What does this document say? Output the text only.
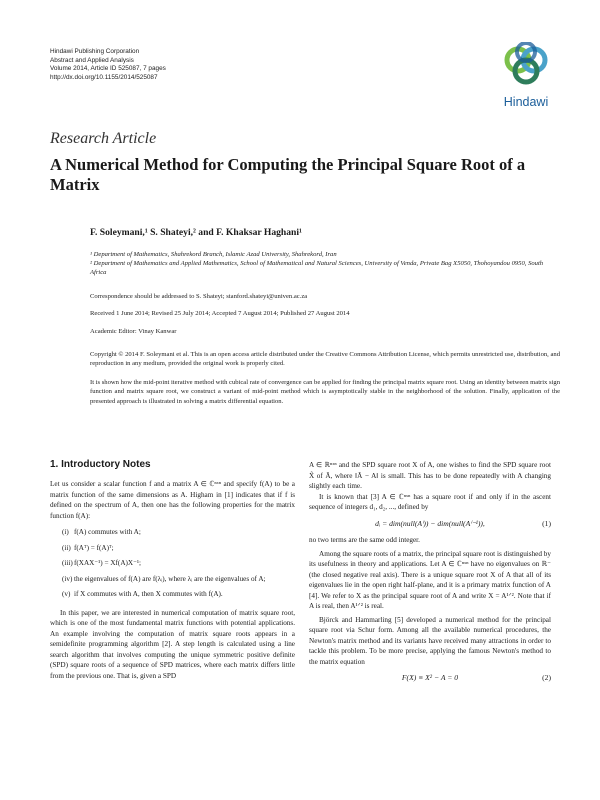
Hindawi Publishing Corporation
Abstract and Applied Analysis
Volume 2014, Article ID 525087, 7 pages
http://dx.doi.org/10.1155/2014/525087
Hindawi
Research Article
A Numerical Method for Computing the Principal Square Root of a Matrix
F. Soleymani,¹ S. Shateyi,² and F. Khaksar Haghani¹
¹ Department of Mathematics, Shahrekord Branch, Islamic Azad University, Shahrekord, Iran
² Department of Mathematics and Applied Mathematics, School of Mathematical and Natural Sciences, University of Venda, Private Bag X5050, Thohoyandou 0950, South Africa
Correspondence should be addressed to S. Shateyi; stanford.shateyi@univen.ac.za
Received 1 June 2014; Revised 25 July 2014; Accepted 7 August 2014; Published 27 August 2014
Academic Editor: Vinay Kanwar
Copyright © 2014 F. Soleymani et al. This is an open access article distributed under the Creative Commons Attribution License, which permits unrestricted use, distribution, and reproduction in any medium, provided the original work is properly cited.
It is shown how the mid-point iterative method with cubical rate of convergence can be applied for finding the principal matrix square root. Using an identity between matrix sign function and matrix square root, we construct a variant of mid-point method which is asymptotically stable in the neighborhood of the solution. Finally, application of the presented approach is illustrated in solving a matrix differential equation.
1. Introductory Notes

Let us consider a scalar function f and a matrix A ∈ ℂⁿˣⁿ and specify f(A) to be a matrix function of the same dimensions as A. Higham in [1] indicates that if f is defined on the spectrum of A, then one has the following properties for the matrix function f(A):

(i) f(A) commutes with A;
(ii) f(Aᵀ) = f(A)ᵀ;
(iii) f(XAX⁻¹) = Xf(A)X⁻¹;
(iv) the eigenvalues of f(A) are f(λᵢ), where λᵢ are the eigenvalues of A;
(v) if X commutes with A, then X commutes with f(A).

In this paper, we are interested in numerical computation of matrix square root, which is one of the most fundamental matrix functions with potential applications. An example involving the computation of matrix square roots appears in a semidefinite programming algorithm [2]. A step length is calculated using a line search algorithm that involves computing the unique symmetric positive definite (SPD) square roots of a sequence of SPD matrices, where each matrix differs little from the previous one. That is, given a SPD

A ∈ ℝⁿˣⁿ and the SPD square root X of A, one wishes to find the SPD square root X̃ of Ã, where ‖Ã − A‖ is small. This has to be done repeatedly with A changing slightly each time.

It is known that [3] A ∈ ℂⁿˣⁿ has a square root if and only if in the ascent sequence of integers d₁, d₂, ..., defined by

dᵢ = dim(null(Aⁱ)) − dim(null(Aⁱ⁻¹)),	(1)

no two terms are the same odd integer.

Among the square roots of a matrix, the principal square root is distinguished by its usefulness in theory and applications. Let A ∈ ℂⁿˣⁿ have no eigenvalues on ℝ⁻ (the closed negative real axis). There is a unique square root X of A that all of its eigenvalues lie in the open right half-plane, and it is a primary matrix function of A [4]. We refer to X as the principal square root of A and write X = A¹ᐟ². Note that if A is real, then A¹ᐟ² is real.

Björck and Hammarling [5] developed a numerical method for the principal square root via Schur form. Among all the available numerical procedures, the Newton's matrix method and its variants have received many attractions in order to tackle this problem. To be more precise, applying the famous Newton's method to the matrix equation

F(X) ≡ X² − A = 0	(2)
